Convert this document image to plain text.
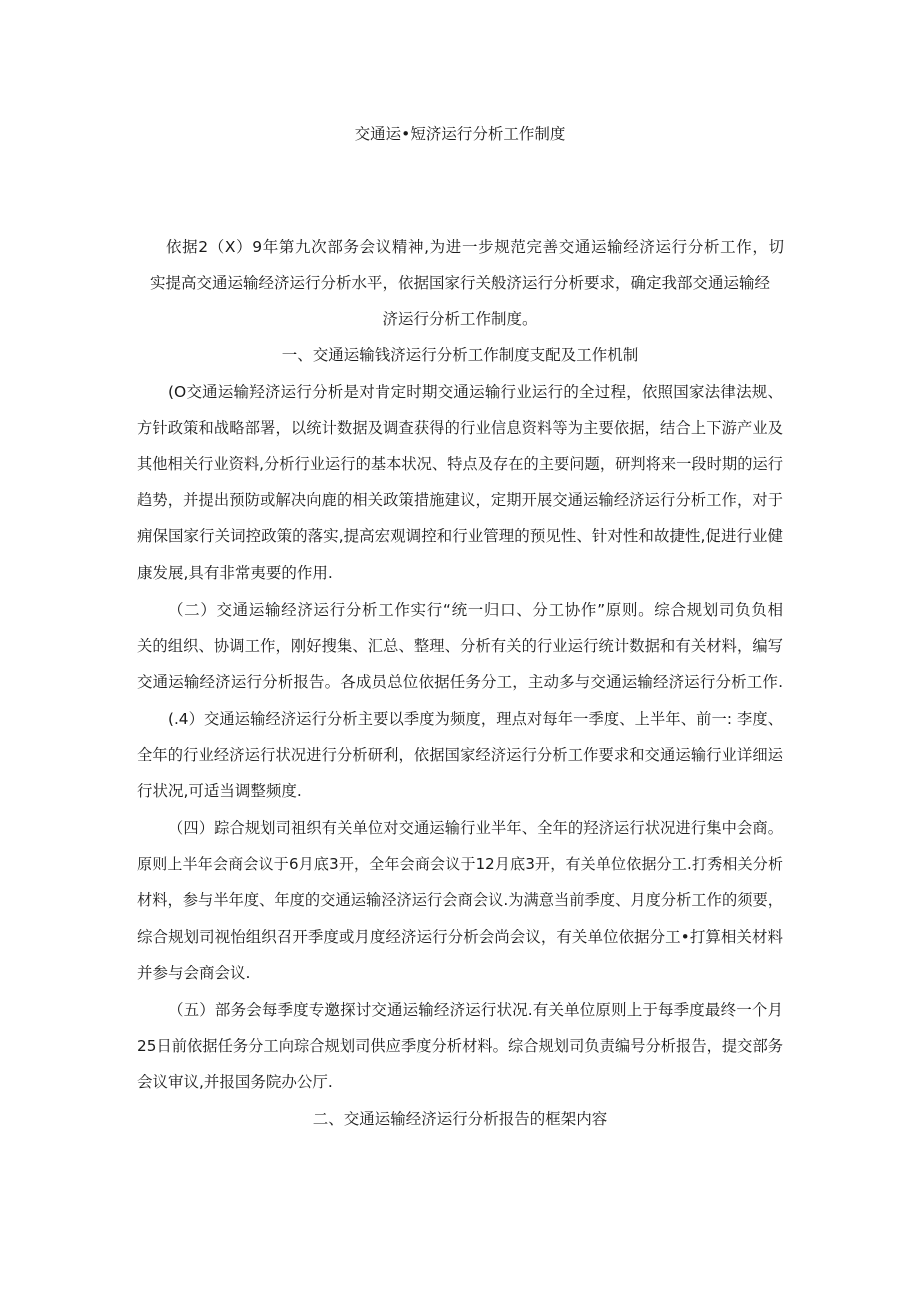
交通运•短济运行分析工作制度
依据2（X）9年第九次部务会议精神,为进一步规范完善交通运输经济运行分析工作，切
实提高交通运输经济运行分析水平，依据国家行关般济运行分析要求，确定我部交通运输经
济运行分析工作制度。
一、交通运输钱济运行分析工作制度支配及工作机制
(O交通运输羟济运行分析是对肯定时期交通运输行业运行的全过程，依照国家法律法规、
方针政策和战略部署，以统计数据及调查获得的行业信息资料等为主要依据，结合上下游产业及
其他相关行业资料,分析行业运行的基本状况、特点及存在的主要问题，研判将来一段时期的运行
趋势，并提出预防或解决向鹿的相关政策措施建议，定期开展交通运输经济运行分析工作，对于
痈保国家行关词控政策的落实,提高宏观调控和行业管理的预见性、针对性和故捷性,促进行业健
康发展,具有非常夷要的作用.
（二）交通运输经济运行分析工作实行“统一归口、分工协作”原则。综合规划司负负相
关的组织、协调工作，刚好搜集、汇总、整理、分析有关的行业运行统计数据和有关材料，编写
交通运输经济运行分析报告。各成员总位依据任务分工，主动多与交通运输经济运行分析工作.
(.4）交通运输经济运行分析主要以季度为频度，理点对每年一季度、上半年、前一: 李度、
全年的行业经济运行状况进行分析研利，依据国家经济运行分析工作要求和交通运输行业详细运
行状况,可适当调整频度.
（四）踪合规划司祖织有关单位对交通运输行业半年、全年的羟济运行状况进行集中会商。
原则上半年会商会议于6月底3开，全年会商会议于12月底3开，有关单位依据分工.打秀相关分析
材料，参与半年度、年度的交通运输泾济运行会商会议.为满意当前季度、月度分析工作的须要，
综合规划司视怡组织召开季度或月度经济运行分析会尚会议，有关单位依据分工•打算相关材料
并参与会商会议.
（五）部务会每季度专邀探讨交通运输经济运行状况.有关单位原则上于每季度最终一个月
25日前依据任务分工向琮合规划司供应季度分析材料。综合规划司负责编号分析报告，提交部务
会议审议,并报国务院办公厅.
二、交通运输经济运行分析报告的框架内容
